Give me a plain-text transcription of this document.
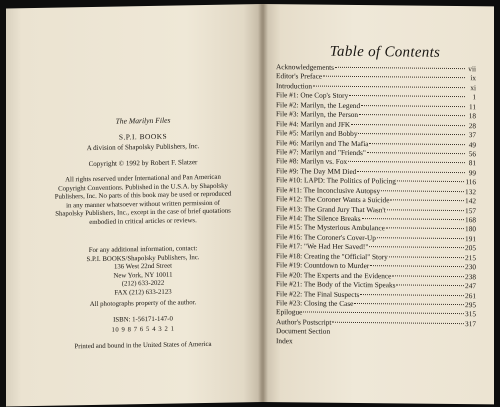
The Marilyn Files
S.P.I. BOOKS
A division of Shapolsky Publishers, Inc.
Copyright © 1992 by Robert F. Slatzer
All rights reserved under International and Pan American
Copyright Conventions. Published in the U.S.A. by Shapolsky
Publishers, Inc. No parts of this book may be used or reproduced
in any manner whatsoever without written permission of
Shapolsky Publishers, Inc., except in the case of brief quotations
embodied in critical articles or reviews.
For any additional information, contact:
S.P.I. BOOKS/Shapolsky Publishers, Inc.
136 West 22nd Street
New York, NY 10011
(212) 633-2022
FAX (212) 633-2123
All photographs property of the author.
ISBN: 1-56171-147-0
10 9 8 7 6 5 4 3 2 1
Printed and bound in the United States of America
Table of Contents
Acknowledgements	vii
Editor's Preface	ix
Introduction	xi
File #1: One Cop's Story	1
File #2: Marilyn, the Legend	11
File #3: Marilyn, the Person	18
File #4: Marilyn and JFK	28
File #5: Marilyn and Bobby	37
File #6: Marilyn and The Mafia	49
File #7: Marilyn and "Friends"	56
File #8: Marilyn vs. Fox	81
File #9: The Day MM Died	99
File #10: LAPD: The Politics of Policing	116
File #11: The Inconclusive Autopsy	132
File #12: The Coroner Wants a Suicide	142
File #13: The Grand Jury That Wasn't	157
File #14: The Silence Breaks	168
File #15: The Mysterious Ambulance	180
File #16: The Coroner's Cover-Up	191
File #17: "We Had Her Saved!"	205
File #18: Creating the "Official" Story	215
File #19: Countdown to Murder	230
File #20: The Experts and the Evidence	238
File #21: The Body of the Victim Speaks	247
File #22: The Final Suspects	261
File #23: Closing the Case	295
Epilogue	315
Author's Postscript	317
Document Section
Index
